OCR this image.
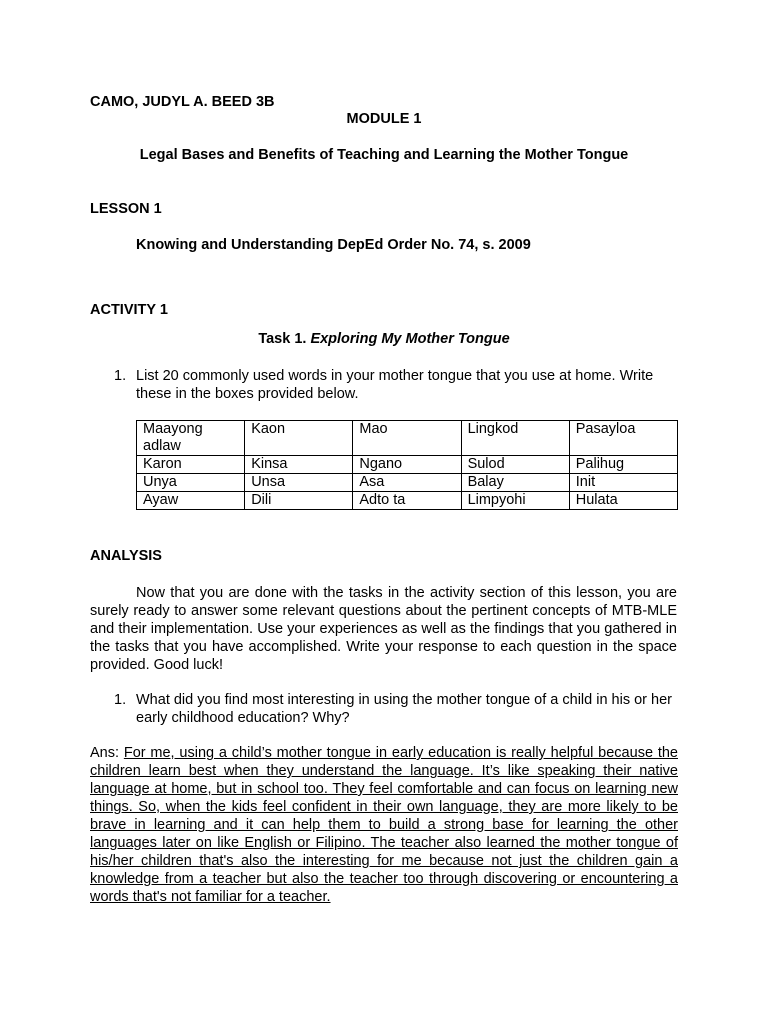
CAMO, JUDYL A. BEED 3B
MODULE 1
Legal Bases and Benefits of Teaching and Learning the Mother Tongue
LESSON 1
Knowing and Understanding DepEd Order No. 74, s. 2009
ACTIVITY 1
Task 1. Exploring My Mother Tongue
1. List 20 commonly used words in your mother tongue that you use at home. Write these in the boxes provided below.
Maayong adlaw	Kaon	Mao	Lingkod	Pasayloa
Karon	Kinsa	Ngano	Sulod	Palihug
Unya	Unsa	Asa	Balay	Init
Ayaw	Dili	Adto ta	Limpyohi	Hulata
ANALYSIS
Now that you are done with the tasks in the activity section of this lesson, you are surely ready to answer some relevant questions about the pertinent concepts of MTB-MLE and their implementation. Use your experiences as well as the findings that you gathered in the tasks that you have accomplished. Write your response to each question in the space provided. Good luck!
1. What did you find most interesting in using the mother tongue of a child in his or her early childhood education? Why?
Ans: For me, using a child’s mother tongue in early education is really helpful because the children learn best when they understand the language. It’s like speaking their native language at home, but in school too. They feel comfortable and can focus on learning new things. So, when the kids feel confident in their own language, they are more likely to be brave in learning and it can help them to build a strong base for learning the other languages later on like English or Filipino. The teacher also learned the mother tongue of his/her children that's also the interesting for me because not just the children gain a knowledge from a teacher but also the teacher too through discovering or encountering a words that's not familiar for a teacher.
